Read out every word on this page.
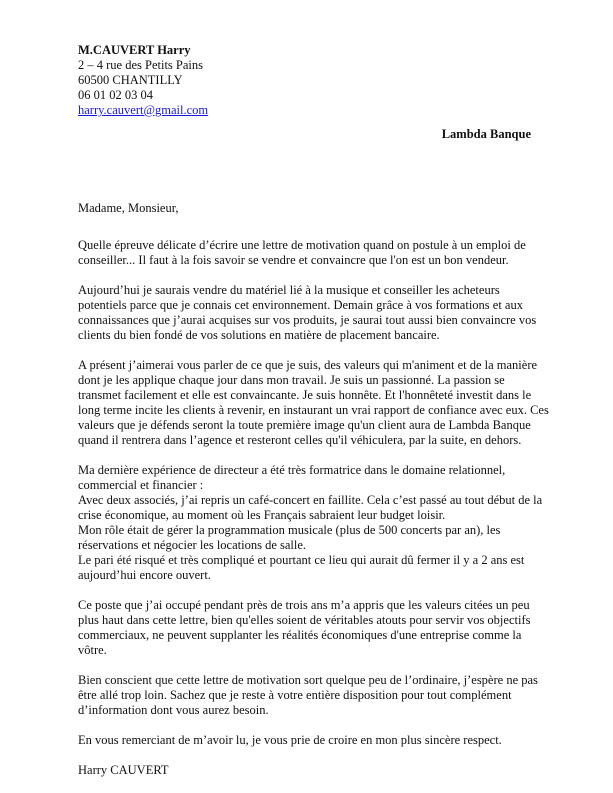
M.CAUVERT Harry
2 – 4 rue des Petits Pains
60500 CHANTILLY
06 01 02 03 04
harry.cauvert@gmail.com
Lambda Banque

Madame, Monsieur,

Quelle épreuve délicate d’écrire une lettre de motivation quand on postule à un emploi de

conseiller... Il faut à la fois savoir se vendre et convaincre que l'on est un bon vendeur.

Aujourd’hui je saurais vendre du matériel lié à la musique et conseiller les acheteurs

potentiels parce que je connais cet environnement. Demain grâce à vos formations et aux

connaissances que j’aurai acquises sur vos produits, je saurai tout aussi bien convaincre vos

clients du bien fondé de vos solutions en matière de placement bancaire.

A présent j’aimerai vous parler de ce que je suis, des valeurs qui m'animent et de la manière

dont je les applique chaque jour dans mon travail. Je suis un passionné. La passion se

transmet facilement et elle est convaincante. Je suis honnête. Et l'honnêteté investit dans le

long terme incite les clients à revenir, en instaurant un vrai rapport de confiance avec eux. Ces

valeurs que je défends seront la toute première image qu'un client aura de Lambda Banque

quand il rentrera dans l’agence et resteront celles qu'il véhiculera, par la suite, en dehors.

Ma dernière expérience de directeur a été très formatrice dans le domaine relationnel,

commercial et financier :

Avec deux associés, j’ai repris un café-concert en faillite. Cela c’est passé au tout début de la

crise économique, au moment où les Français sabraient leur budget loisir.

Mon rôle était de gérer la programmation musicale (plus de 500 concerts par an), les

réservations et négocier les locations de salle.

Le pari été risqué et très compliqué et pourtant ce lieu qui aurait dû fermer il y a 2 ans est

aujourd’hui encore ouvert.

Ce poste que j’ai occupé pendant près de trois ans m’a appris que les valeurs citées un peu

plus haut dans cette lettre, bien qu'elles soient de véritables atouts pour servir vos objectifs

commerciaux, ne peuvent supplanter les réalités économiques d'une entreprise comme la

vôtre.

Bien conscient que cette lettre de motivation sort quelque peu de l’ordinaire, j’espère ne pas

être allé trop loin. Sachez que je reste à votre entière disposition pour tout complément

d’information dont vous aurez besoin.

En vous remerciant de m’avoir lu, je vous prie de croire en mon plus sincère respect.

Harry CAUVERT
